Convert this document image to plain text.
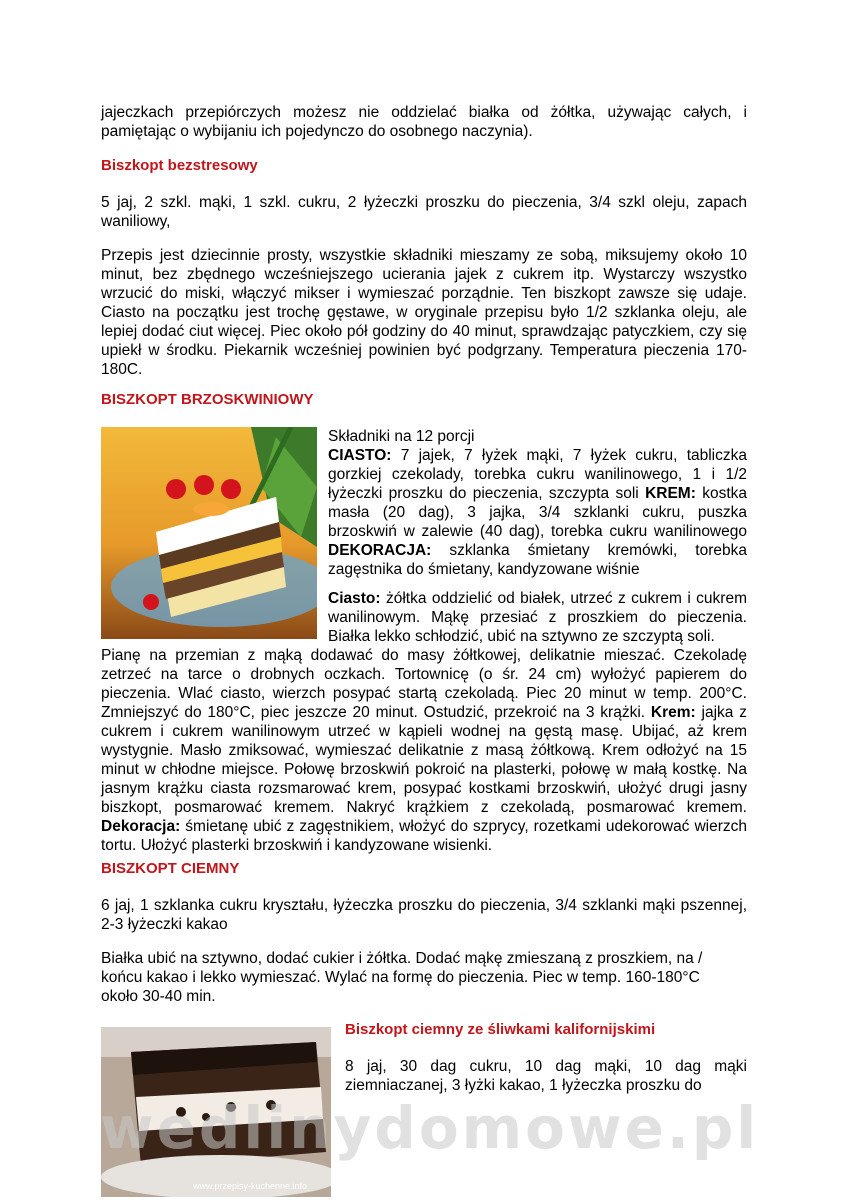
jajeczkach przepiórczych możesz nie oddzielać białka od żółtka, używając całych, i pamiętając o wybijaniu ich pojedynczo do osobnego naczynia).

Biszkopt bezstresowy

5 jaj, 2 szkl. mąki, 1 szkl. cukru, 2 łyżeczki proszku do pieczenia, 3/4 szkl oleju, zapach waniliowy,

Przepis jest dziecinnie prosty, wszystkie składniki mieszamy ze sobą, miksujemy około 10 minut, bez zbędnego wcześniejszego ucierania jajek z cukrem itp. Wystarczy wszystko wrzucić do miski, włączyć mikser i wymieszać porządnie. Ten biszkopt zawsze się udaje. Ciasto na początku jest trochę gęstawe, w oryginale przepisu było 1/2 szklanka oleju, ale lepiej dodać ciut więcej. Piec około pół godziny do 40 minut, sprawdzając patyczkiem, czy się upiekł w środku. Piekarnik wcześniej powinien być podgrzany. Temperatura pieczenia 170-180C.

BISZKOPT BRZOSKWINIOWY
Składniki na 12 porcji
CIASTO: 7 jajek, 7 łyżek mąki, 7 łyżek cukru, tabliczka gorzkiej czekolady, torebka cukru wanilinowego, 1 i 1/2 łyżeczki proszku do pieczenia, szczypta soli KREM: kostka masła (20 dag), 3 jajka, 3/4 szklanki cukru, puszka brzoskwiń w zalewie (40 dag), torebka cukru wanilinowego DEKORACJA: szklanka śmietany kremówki, torebka zagęstnika do śmietany, kandyzowane wiśnie
Ciasto: żółtka oddzielić od białek, utrzeć z cukrem i cukrem wanilinowym. Mąkę przesiać z proszkiem do pieczenia. Białka lekko schłodzić, ubić na sztywno ze szczyptą soli.

Pianę na przemian z mąką dodawać do masy żółtkowej, delikatnie mieszać. Czekoladę zetrzeć na tarce o drobnych oczkach. Tortownicę (o śr. 24 cm) wyłożyć papierem do pieczenia. Wlać ciasto, wierzch posypać startą czekoladą. Piec 20 minut w temp. 200°C. Zmniejszyć do 180°C, piec jeszcze 20 minut. Ostudzić, przekroić na 3 krążki. Krem: jajka z cukrem i cukrem wanilinowym utrzeć w kąpieli wodnej na gęstą masę. Ubijać, aż krem wystygnie. Masło zmiksować, wymieszać delikatnie z masą żółtkową. Krem odłożyć na 15 minut w chłodne miejsce. Połowę brzoskwiń pokroić na plasterki, połowę w małą kostkę. Na jasnym krążku ciasta rozsmarować krem, posypać kostkami brzoskwiń, ułożyć drugi jasny biszkopt, posmarować kremem. Nakryć krążkiem z czekoladą, posmarować kremem. Dekoracja: śmietanę ubić z zagęstnikiem, włożyć do szprycy, rozetkami udekorować wierzch tortu. Ułożyć plasterki brzoskwiń i kandyzowane wisienki.

BISZKOPT CIEMNY

6 jaj, 1 szklanka cukru kryształu, łyżeczka proszku do pieczenia, 3/4 szklanki mąki pszennej, 2-3 łyżeczki kakao

Białka ubić na sztywno, dodać cukier i żółtka. Dodać mąkę zmieszaną z proszkiem, na /
końcu kakao i lekko wymieszać. Wylać na formę do pieczenia. Piec w temp. 160-180°C
około 30-40 min.
www.przepisy-kuchenne.info
Biszkopt ciemny ze śliwkami kalifornijskimi

8 jaj, 30 dag cukru, 10 dag mąki, 10 dag mąki ziemniaczanej, 3 łyżki kakao, 1 łyżeczka proszku do

wedlinydomowe.pl
